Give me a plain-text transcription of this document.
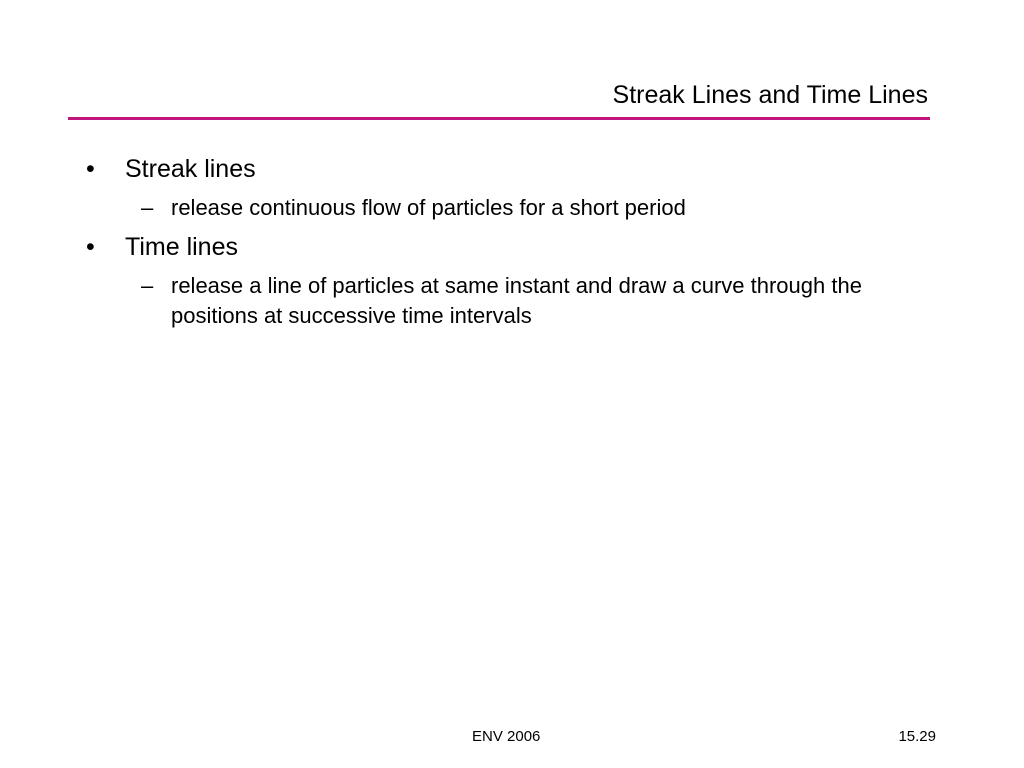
Streak Lines and Time Lines
• Streak lines
– release continuous flow of particles for a short period
• Time lines
– release a line of particles at same instant and draw a curve through the positions at successive time intervals
ENV 2006	15.29
